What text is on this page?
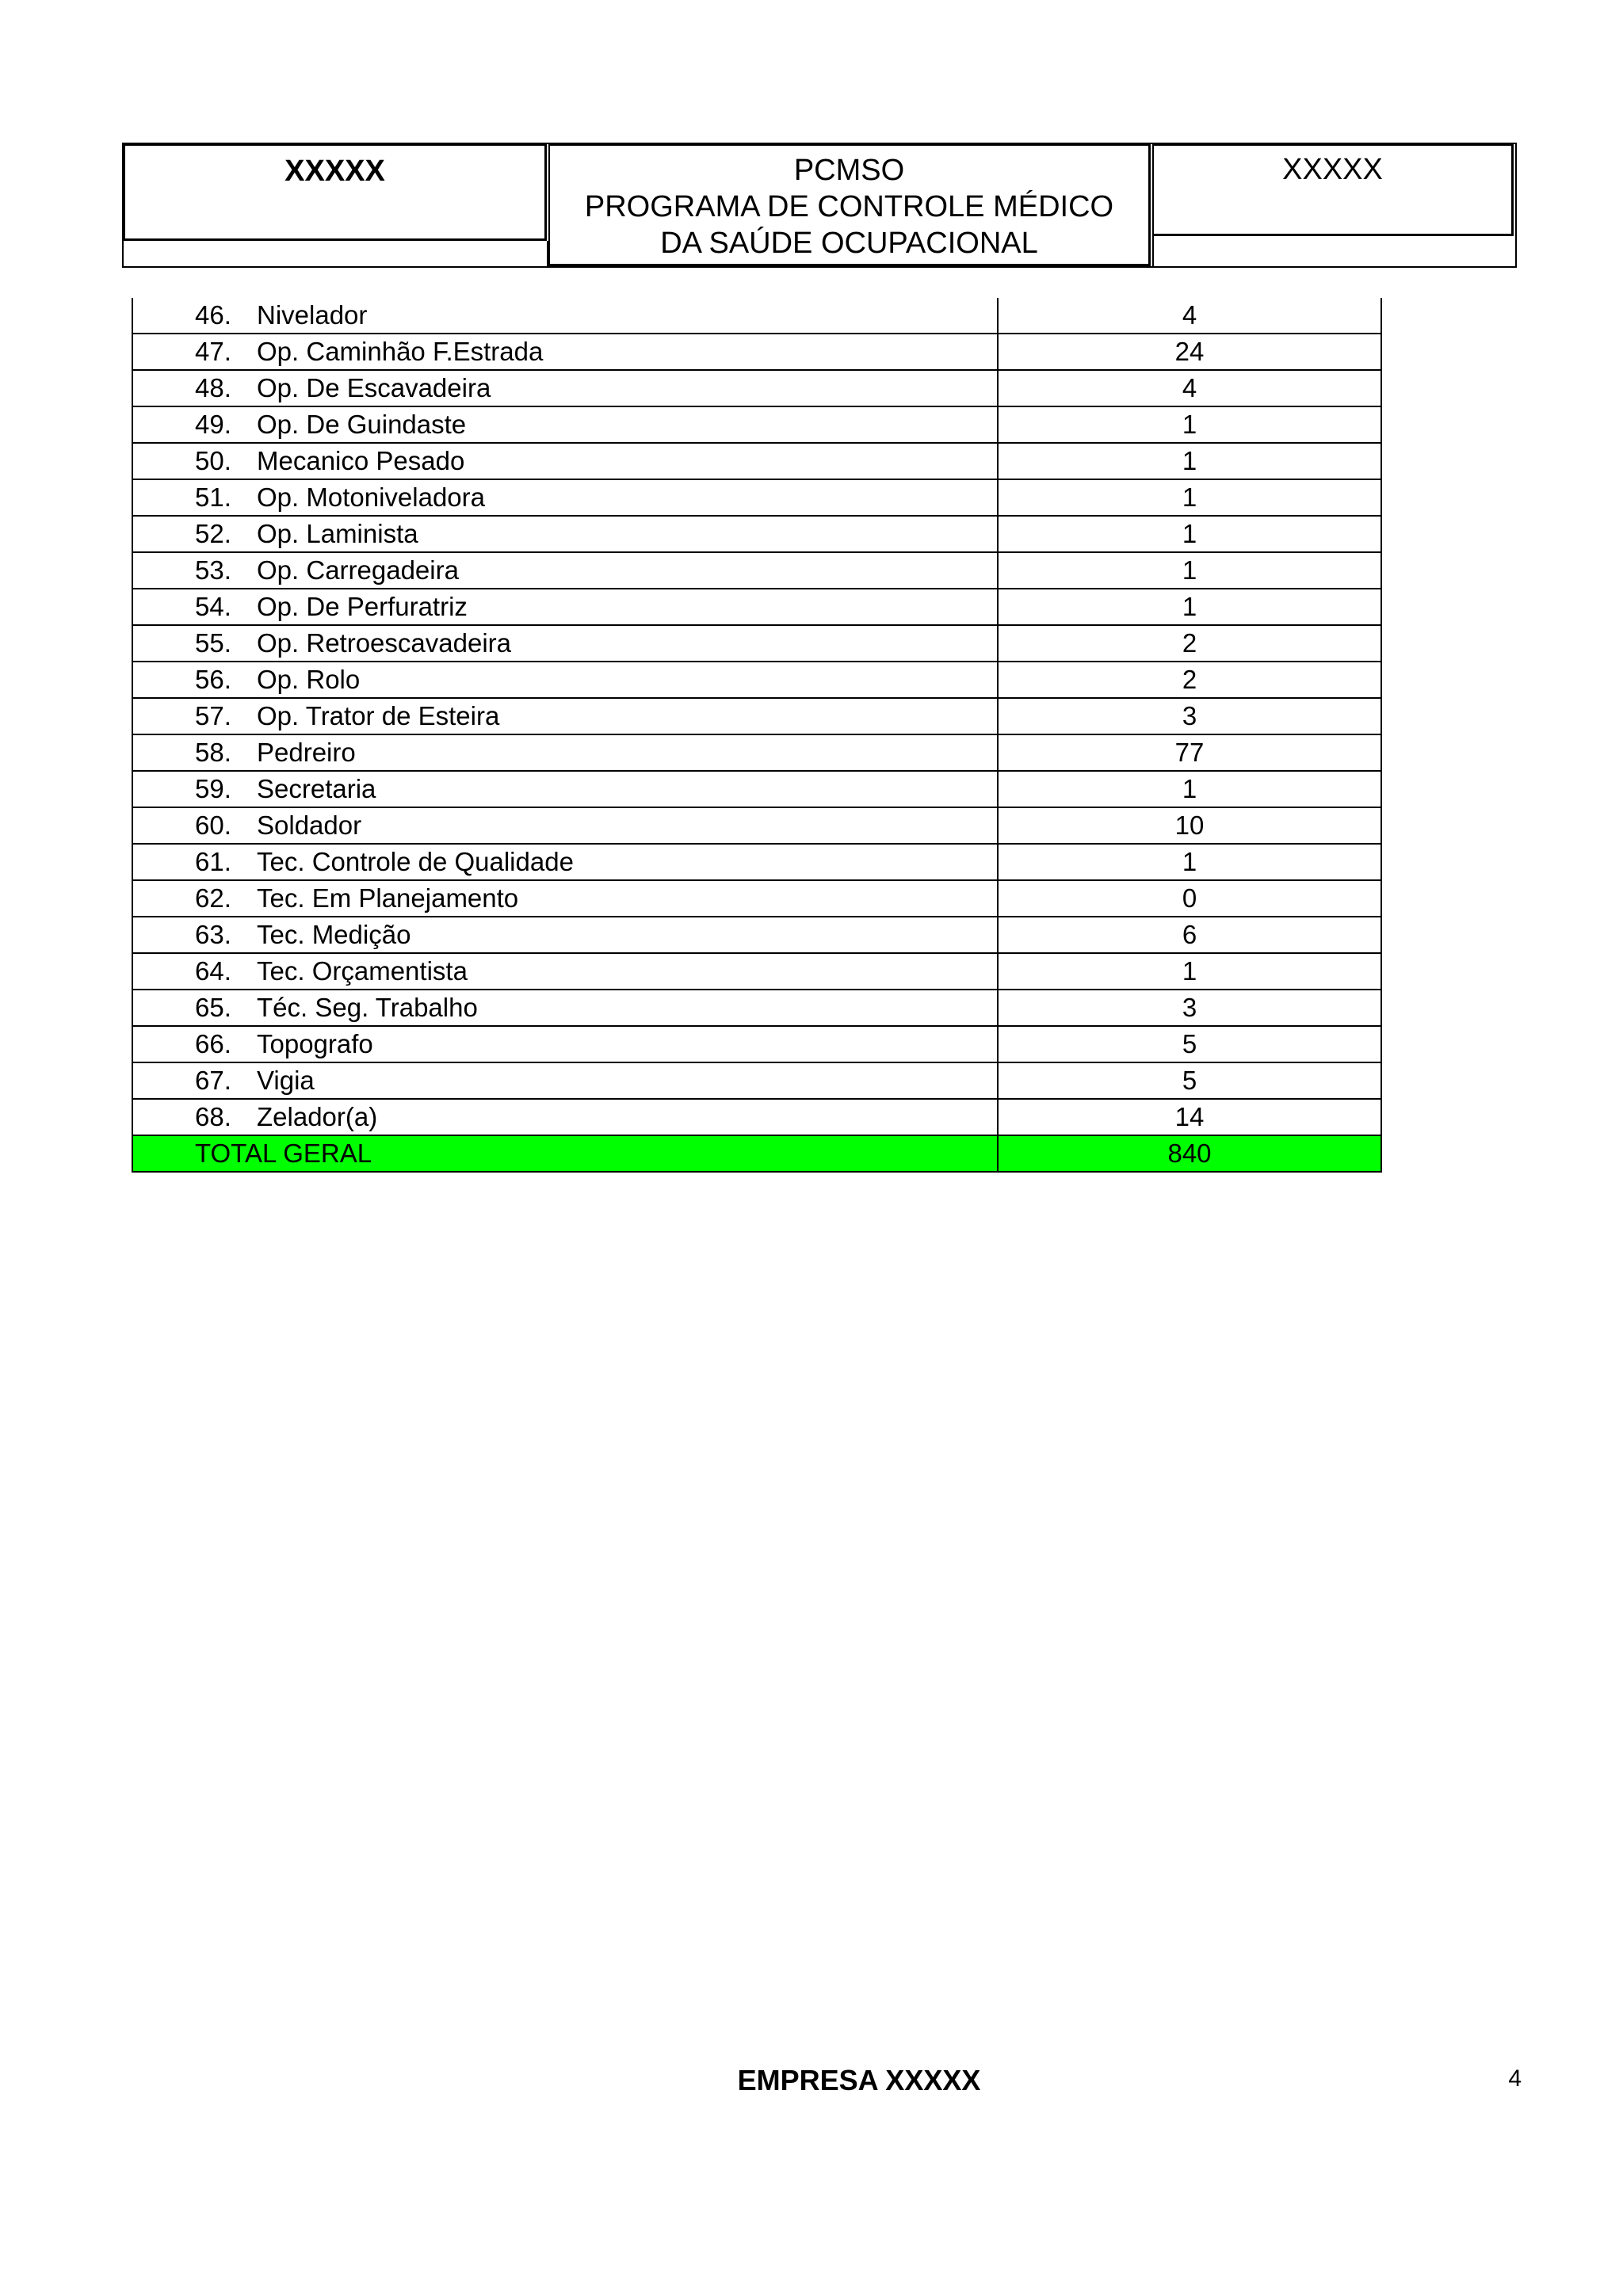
XXXXX	PCMSO
PROGRAMA DE CONTROLE MÉDICO
DA SAÚDE OCUPACIONAL
XXXXX
46. Nivelador	4
47. Op. Caminhão F.Estrada	24
48. Op. De Escavadeira	4
49. Op. De Guindaste	1
50. Mecanico Pesado	1
51. Op. Motoniveladora	1
52. Op. Laminista	1
53. Op. Carregadeira	1
54. Op. De Perfuratriz	1
55. Op. Retroescavadeira	2
56. Op. Rolo	2
57. Op. Trator de Esteira	3
58. Pedreiro	77
59. Secretaria	1
60. Soldador	10
61. Tec. Controle de Qualidade	1
62. Tec. Em Planejamento	0
63. Tec. Medição	6
64. Tec. Orçamentista	1
65. Téc. Seg. Trabalho	3
66. Topografo	5
67. Vigia	5
68. Zelador(a)	14
TOTAL GERAL	840
EMPRESA XXXXX	4
